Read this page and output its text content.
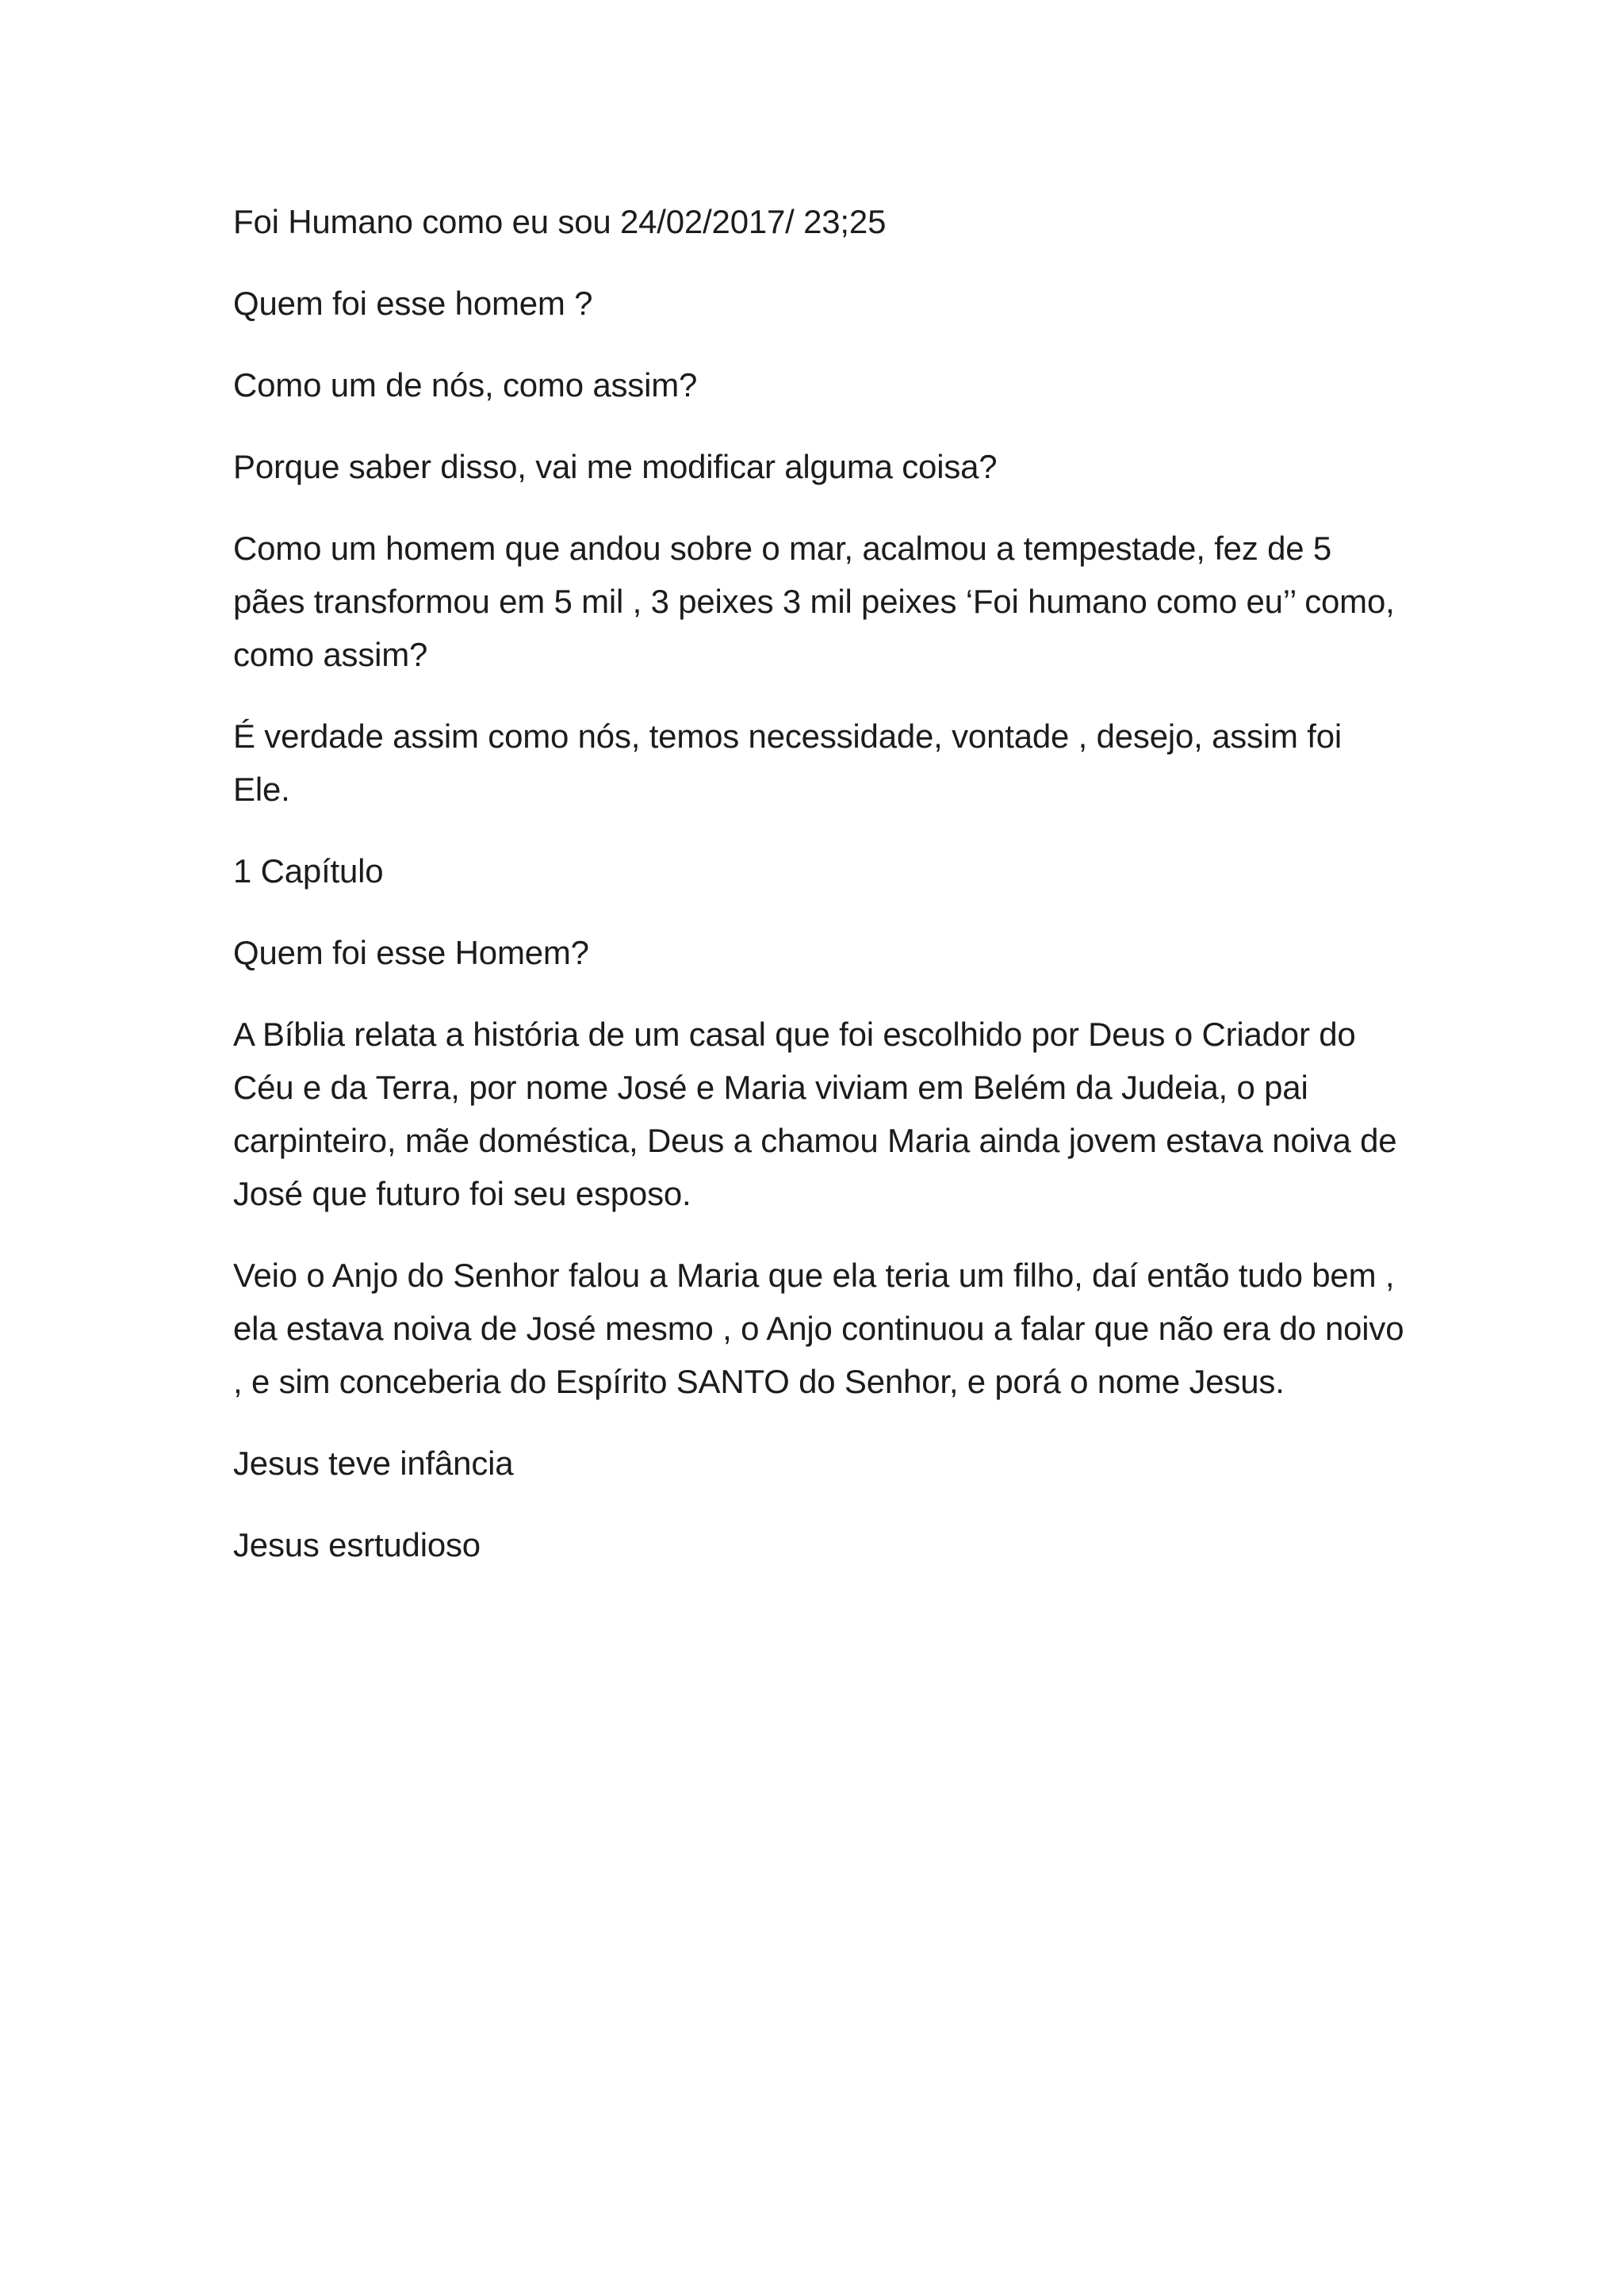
Foi Humano como eu sou 24/02/2017/ 23;25

Quem foi esse homem ?

Como um de nós, como assim?

Porque saber disso, vai me modificar alguma coisa?

Como um homem que andou sobre o mar, acalmou a tempestade, fez de 5 pães transformou em 5 mil , 3 peixes 3 mil peixes ‘Foi humano como eu’’ como, como assim?

É verdade assim como nós, temos necessidade, vontade , desejo, assim foi Ele.

1 Capítulo

Quem foi esse Homem?

A Bíblia relata a história de um casal que foi escolhido por Deus o Criador do Céu e da Terra, por nome José e Maria viviam em Belém da Judeia, o pai carpinteiro, mãe doméstica, Deus a chamou Maria ainda jovem estava noiva de José que futuro foi seu esposo.

Veio o Anjo do Senhor falou a Maria que ela teria um filho, daí então tudo bem , ela estava noiva de José mesmo , o Anjo continuou a falar que não era do noivo , e sim conceberia do Espírito SANTO do Senhor, e porá o nome Jesus.

Jesus teve infância

Jesus esrtudioso
